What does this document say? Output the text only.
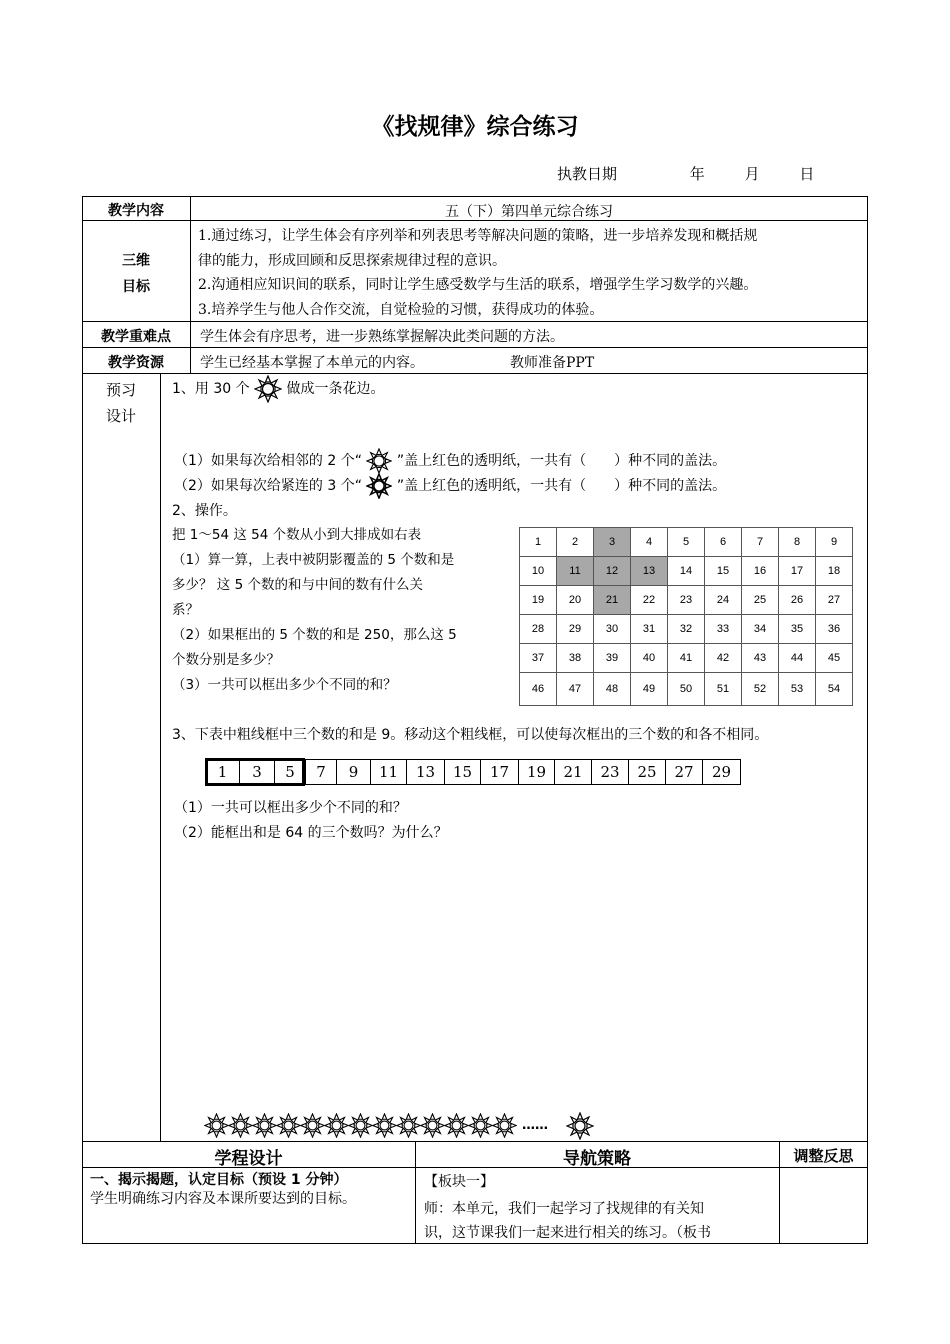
《找规律》综合练习
执教日期	年	月	日
教学内容	五（下）第四单元综合练习
三维
目标
1.通过练习，让学生体会有序列举和列表思考等解决问题的策略，进一步培养发现和概括规
律的能力，形成回顾和反思探索规律过程的意识。
2.沟通相应知识间的联系，同时让学生感受数学与生活的联系，增强学生学习数学的兴趣。
3.培养学生与他人合作交流，自觉检验的习惯，获得成功的体验。
教学重难点	学生体会有序思考，进一步熟练掌握解决此类问题的方法。
教学资源	学生已经基本掌握了本单元的内容。	教师准备PPT
预习
设计
1、用 30 个	做成一条花边。
（1）如果每次给相邻的 2 个“ ”盖上红色的透明纸，一共有（　　）种不同的盖法。
（2）如果每次给紧连的 3 个“ ”盖上红色的透明纸，一共有（　　）种不同的盖法。
2、操作。
把 1～54 这 54 个数从小到大排成如右表
（1）算一算，上表中被阴影覆盖的 5 个数和是
多少？ 这 5 个数的和与中间的数有什么关
系？
（2）如果框出的 5 个数的和是 250，那么这 5
个数分别是多少？
（3）一共可以框出多少个不同的和？
1	2	3	4	5	6	7	8	9
10	11	12	13	14	15	16	17	18
19	20	21	22	23	24	25	26	27
28	29	30	31	32	33	34	35	36
37	38	39	40	41	42	43	44	45
46	47	48	49	50	51	52	53	54
3、下表中粗线框中三个数的和是 9。移动这个粗线框，可以使每次框出的三个数的和各不相同。
1	3	5	7	9	11	13	15	17	19	21	23	25	27	29
（1）一共可以框出多少个不同的和？
（2）能框出和是 64 的三个数吗？为什么？
……
学程设计	导航策略	调整反思
一、揭示揭题，认定目标（预设 1 分钟）
学生明确练习内容及本课所要达到的目标。
【板块一】
师：本单元，我们一起学习了找规律的有关知
识，这节课我们一起来进行相关的练习。（板书
